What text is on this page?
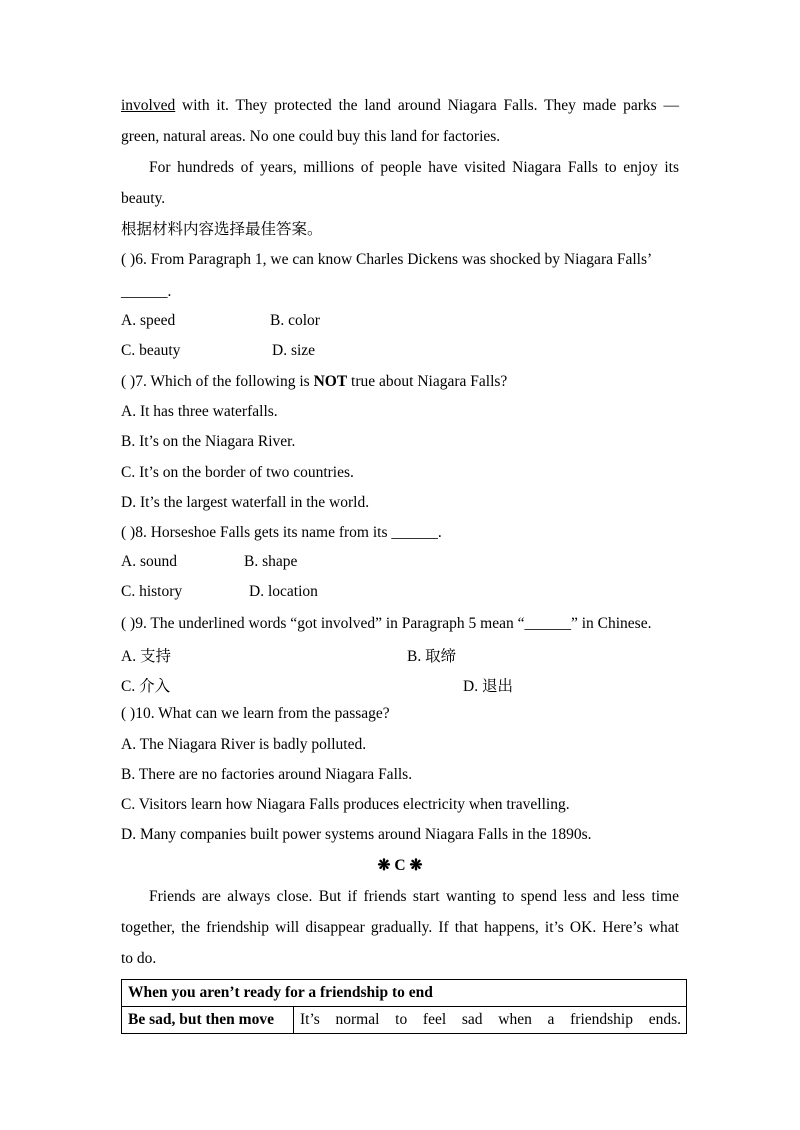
involved with it. They protected the land around Niagara Falls. They made parks —
green, natural areas. No one could buy this land for factories.
For hundreds of years, millions of people have visited Niagara Falls to enjoy its
beauty.
根据材料内容选择最佳答案。
( )6. From Paragraph 1, we can know Charles Dickens was shocked by Niagara Falls’
______.
A. speed	B. color
C. beauty	D. size
( )7. Which of the following is NOT true about Niagara Falls?
A. It has three waterfalls.
B. It’s on the Niagara River.
C. It’s on the border of two countries.
D. It’s the largest waterfall in the world.
( )8. Horseshoe Falls gets its name from its ______.
A. sound	B. shape
C. history	D. location
( )9. The underlined words “got involved” in Paragraph 5 mean “______” in Chinese.
A. 支持	B. 取缔
C. 介入	D. 退出
( )10. What can we learn from the passage?
A. The Niagara River is badly polluted.
B. There are no factories around Niagara Falls.
C. Visitors learn how Niagara Falls produces electricity when travelling.
D. Many companies built power systems around Niagara Falls in the 1890s.
❋ C ❋
Friends are always close. But if friends start wanting to spend less and less time
together, the friendship will disappear gradually. If that happens, it’s OK. Here’s what
to do.
When you aren’t ready for a friendship to end
Be sad, but then move	It’s normal to feel sad when a friendship ends.
